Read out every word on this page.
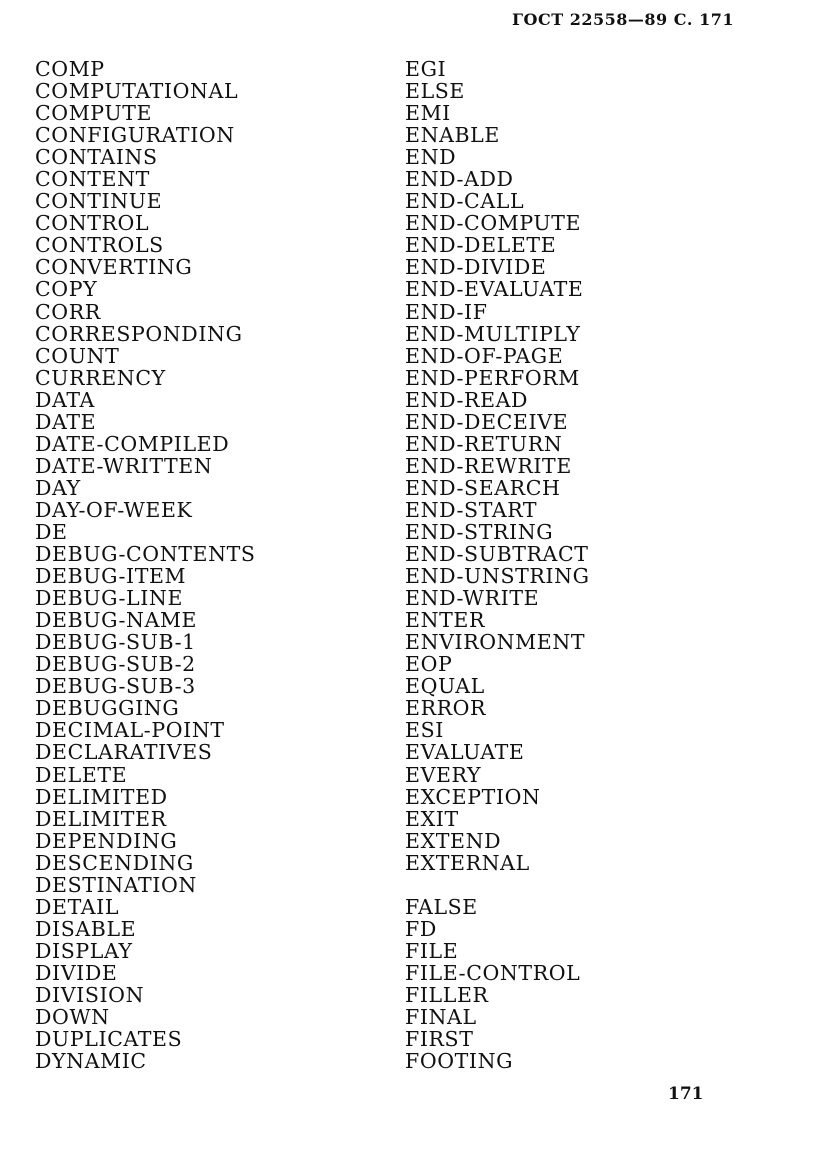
ГОСТ 22558—89 С. 171
COMP
COMPUTATIONAL
COMPUTE
CONFIGURATION
CONTAINS
CONTENT
CONTINUE
CONTROL
CONTROLS
CONVERTING
COPY
CORR
CORRESPONDING
COUNT
CURRENCY
DATA
DATE
DATE-COMPILED
DATE-WRITTEN
DAY
DAY-OF-WEEK
DE
DEBUG-CONTENTS
DEBUG-ITEM
DEBUG-LINE
DEBUG-NAME
DEBUG-SUB-1
DEBUG-SUB-2
DEBUG-SUB-3
DEBUGGING
DECIMAL-POINT
DECLARATIVES
DELETE
DELIMITED
DELIMITER
DEPENDING
DESCENDING
DESTINATION
DETAIL
DISABLE
DISPLAY
DIVIDE
DIVISION
DOWN
DUPLICATES
DYNAMIC
EGI
ELSE
EMI
ENABLE
END
END-ADD
END-CALL
END-COMPUTE
END-DELETE
END-DIVIDE
END-EVALUATE
END-IF
END-MULTIPLY
END-OF-PAGE
END-PERFORM
END-READ
END-DECEIVE
END-RETURN
END-REWRITE
END-SEARCH
END-START
END-STRING
END-SUBTRACT
END-UNSTRING
END-WRITE
ENTER
ENVIRONMENT
EOP
EQUAL
ERROR
ESI
EVALUATE
EVERY
EXCEPTION
EXIT
EXTEND
EXTERNAL
FALSE
FD
FILE
FILE-CONTROL
FILLER
FINAL
FIRST
FOOTING
171
